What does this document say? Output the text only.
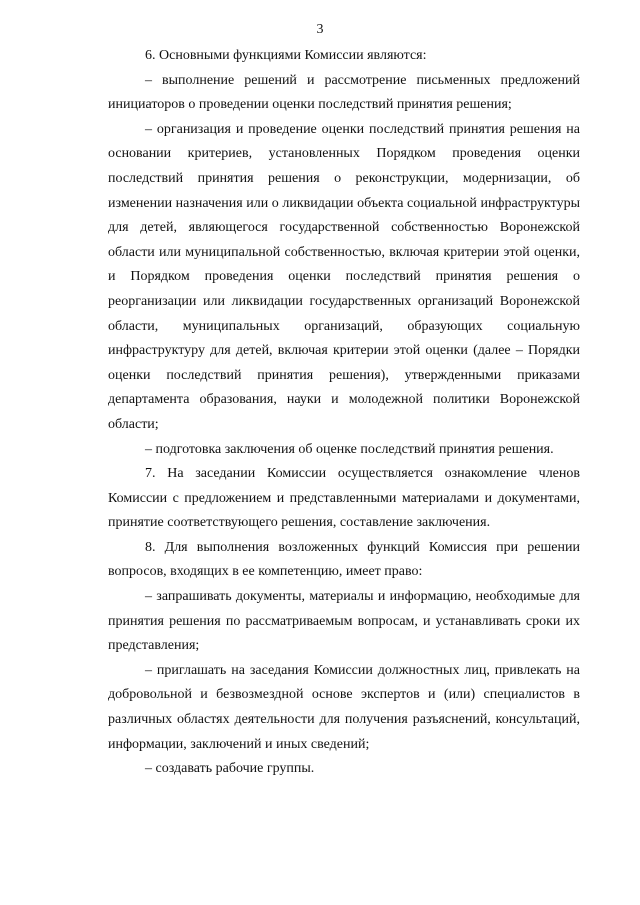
3

6. Основными функциями Комиссии являются:

– выполнение решений и рассмотрение письменных предложений инициаторов о проведении оценки последствий принятия решения;

– организация и проведение оценки последствий принятия решения на основании критериев, установленных Порядком проведения оценки последствий принятия решения о реконструкции, модернизации, об изменении назначения или о ликвидации объекта социальной инфраструктуры для детей, являющегося государственной собственностью Воронежской области или муниципальной собственностью, включая критерии этой оценки, и Порядком проведения оценки последствий принятия решения о реорганизации или ликвидации государственных организаций Воронежской области, муниципальных организаций, образующих социальную инфраструктуру для детей, включая критерии этой оценки (далее – Порядки оценки последствий принятия решения), утвержденными приказами департамента образования, науки и молодежной политики Воронежской области;

– подготовка заключения об оценке последствий принятия решения.

7. На заседании Комиссии осуществляется ознакомление членов Комиссии с предложением и представленными материалами и документами, принятие соответствующего решения, составление заключения.

8. Для выполнения возложенных функций Комиссия при решении вопросов, входящих в ее компетенцию, имеет право:

– запрашивать документы, материалы и информацию, необходимые для принятия решения по рассматриваемым вопросам, и устанавливать сроки их представления;

– приглашать на заседания Комиссии должностных лиц, привлекать на добровольной и безвозмездной основе экспертов и (или) специалистов в различных областях деятельности для получения разъяснений, консультаций, информации, заключений и иных сведений;

– создавать рабочие группы.
